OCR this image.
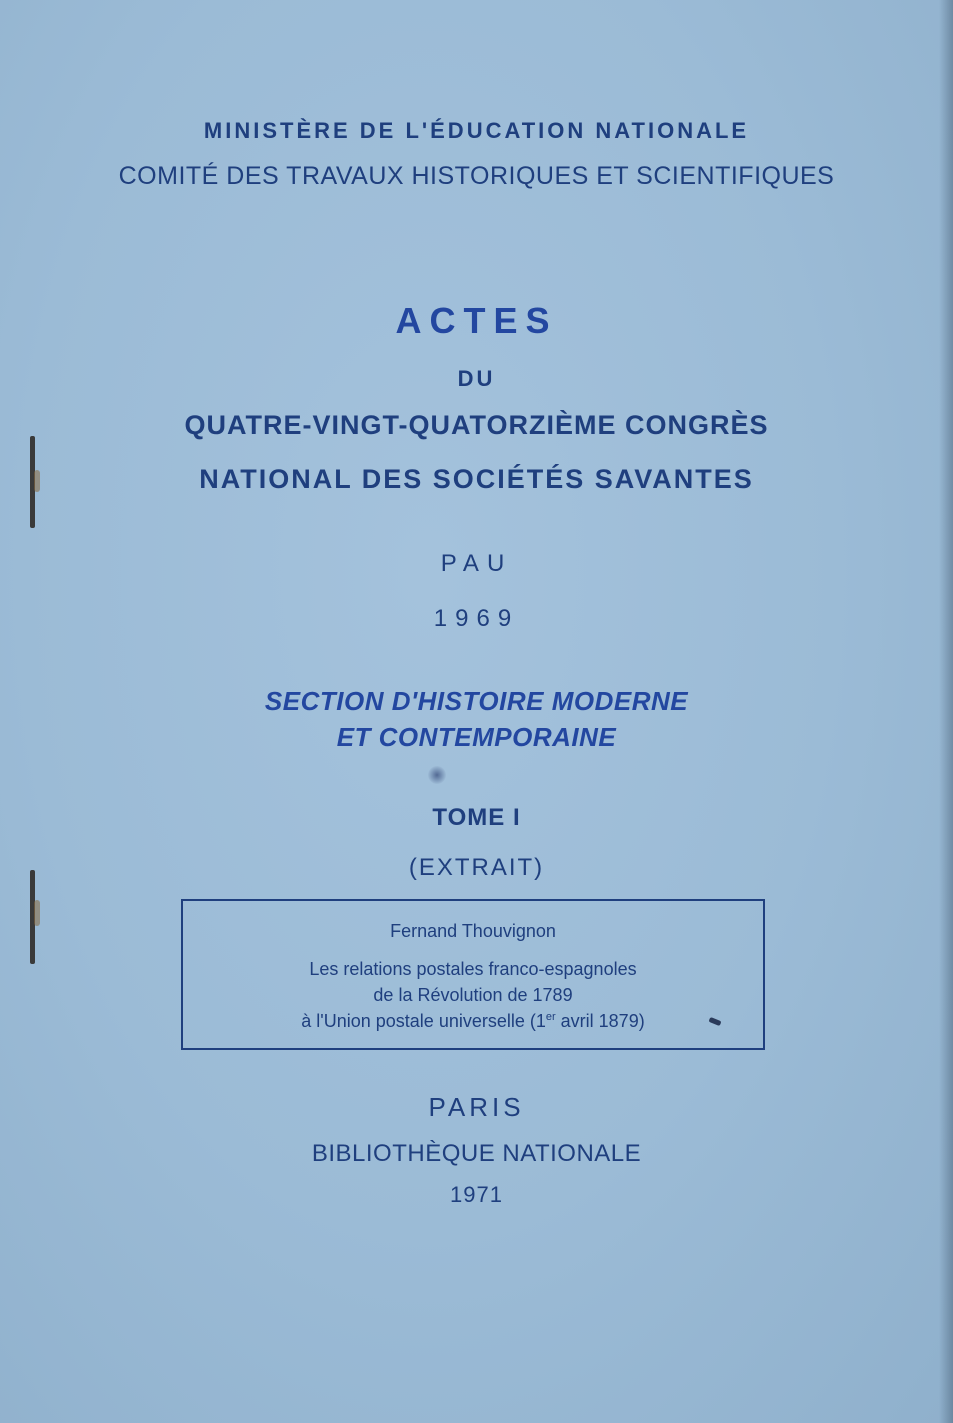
MINISTÈRE DE L'ÉDUCATION NATIONALE

COMITÉ DES TRAVAUX HISTORIQUES ET SCIENTIFIQUES

ACTES

DU

QUATRE-VINGT-QUATORZIÈME CONGRÈS

NATIONAL DES SOCIÉTÉS SAVANTES

PAU

1969

SECTION D'HISTOIRE MODERNE

ET CONTEMPORAINE

TOME I

(EXTRAIT)

Fernand Thouvignon

Les relations postales franco-espagnoles

de la Révolution de 1789

à l'Union postale universelle (1er avril 1879)

PARIS

BIBLIOTHÈQUE NATIONALE

1971
